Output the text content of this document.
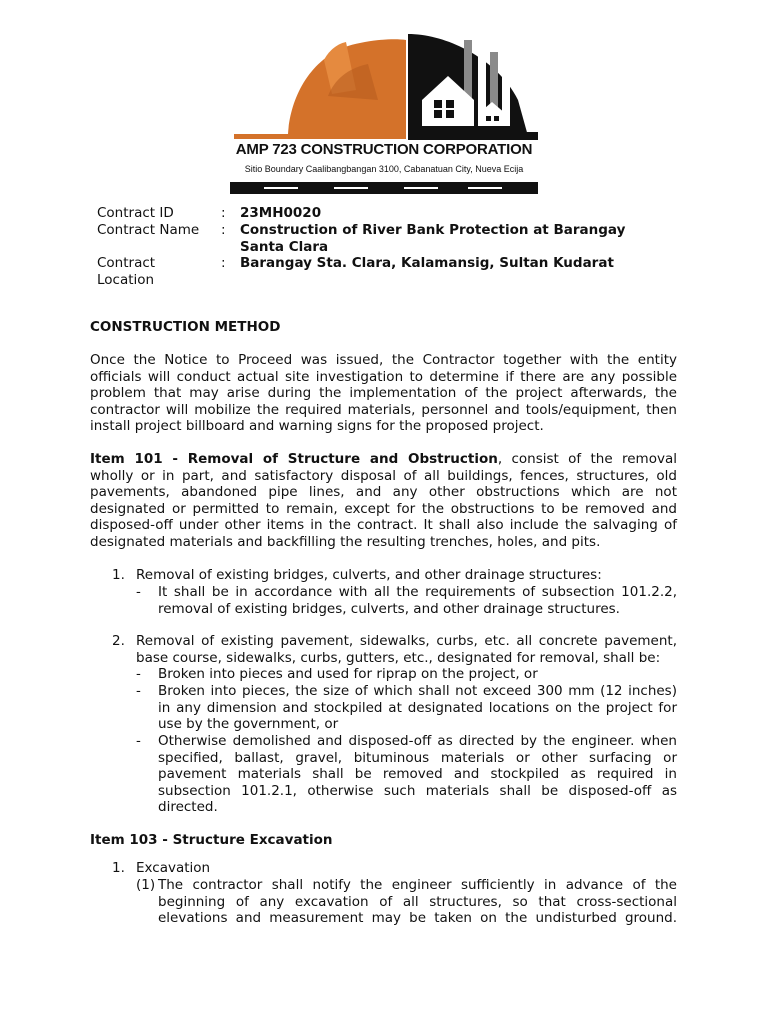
AMP 723 CONSTRUCTION CORPORATION
Sitio Boundary Caalibangbangan 3100, Cabanatuan City, Nueva Ecija
Contract ID	: 23MH0020
Contract Name	: Construction of River Bank Protection at Barangay
Santa Clara
Contract
Location
: Barangay Sta. Clara, Kalamansig, Sultan Kudarat
CONSTRUCTION METHOD
Once the Notice to Proceed was issued, the Contractor together with the entity
officials will conduct actual site investigation to determine if there are any possible
problem that may arise during the implementation of the project afterwards, the
contractor will mobilize the required materials, personnel and tools/equipment, then
install project billboard and warning signs for the proposed project.
Item 101 - Removal of Structure and Obstruction, consist of the removal
wholly or in part, and satisfactory disposal of all buildings, fences, structures, old
pavements, abandoned pipe lines, and any other obstructions which are not
designated or permitted to remain, except for the obstructions to be removed and
disposed-off under other items in the contract. It shall also include the salvaging of
designated materials and backfilling the resulting trenches, holes, and pits.
1. Removal of existing bridges, culverts, and other drainage structures:
- It shall be in accordance with all the requirements of subsection 101.2.2,
removal of existing bridges, culverts, and other drainage structures.
2. Removal of existing pavement, sidewalks, curbs, etc. all concrete pavement,
base course, sidewalks, curbs, gutters, etc., designated for removal, shall be:
- Broken into pieces and used for riprap on the project, or
- Broken into pieces, the size of which shall not exceed 300 mm (12 inches)
in any dimension and stockpiled at designated locations on the project for
use by the government, or
- Otherwise demolished and disposed-off as directed by the engineer. when
specified, ballast, gravel, bituminous materials or other surfacing or
pavement materials shall be removed and stockpiled as required in
subsection 101.2.1, otherwise such materials shall be disposed-off as
directed.
Item 103 - Structure Excavation
1. Excavation
(1) The contractor shall notify the engineer sufficiently in advance of the
beginning of any excavation of all structures, so that cross-sectional
elevations and measurement may be taken on the undisturbed ground.
